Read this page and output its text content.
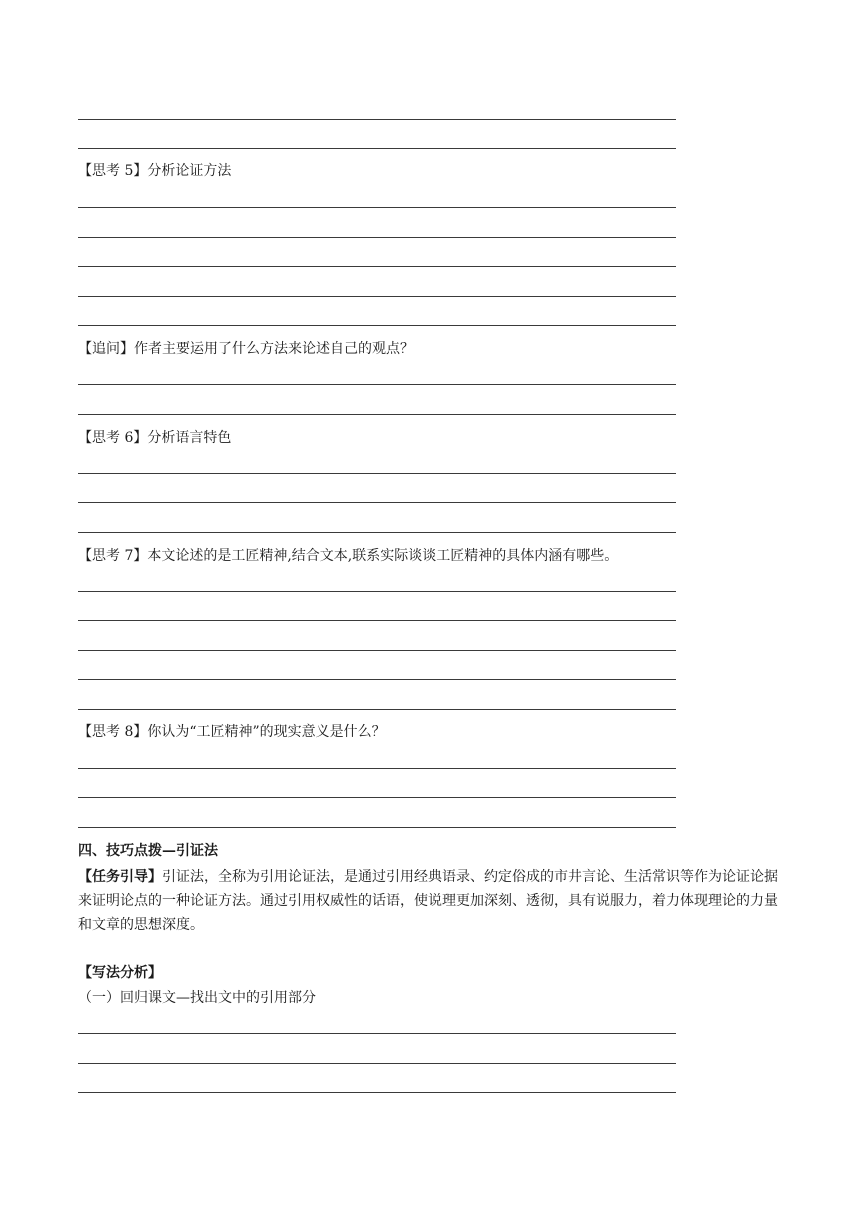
【思考 5】分析论证方法
【追问】作者主要运用了什么方法来论述自己的观点？
【思考 6】分析语言特色
【思考 7】本文论述的是工匠精神,结合文本,联系实际谈谈工匠精神的具体内涵有哪些。
【思考 8】你认为“工匠精神”的现实意义是什么？
四、技巧点拨—引证法
【任务引导】引证法，全称为引用论证法，是通过引用经典语录、约定俗成的市井言论、生活常识等作为论证论据来证明论点的一种论证方法。通过引用权威性的话语，使说理更加深刻、透彻，具有说服力，着力体现理论的力量和文章的思想深度。
【写法分析】
（一）回归课文—找出文中的引用部分
